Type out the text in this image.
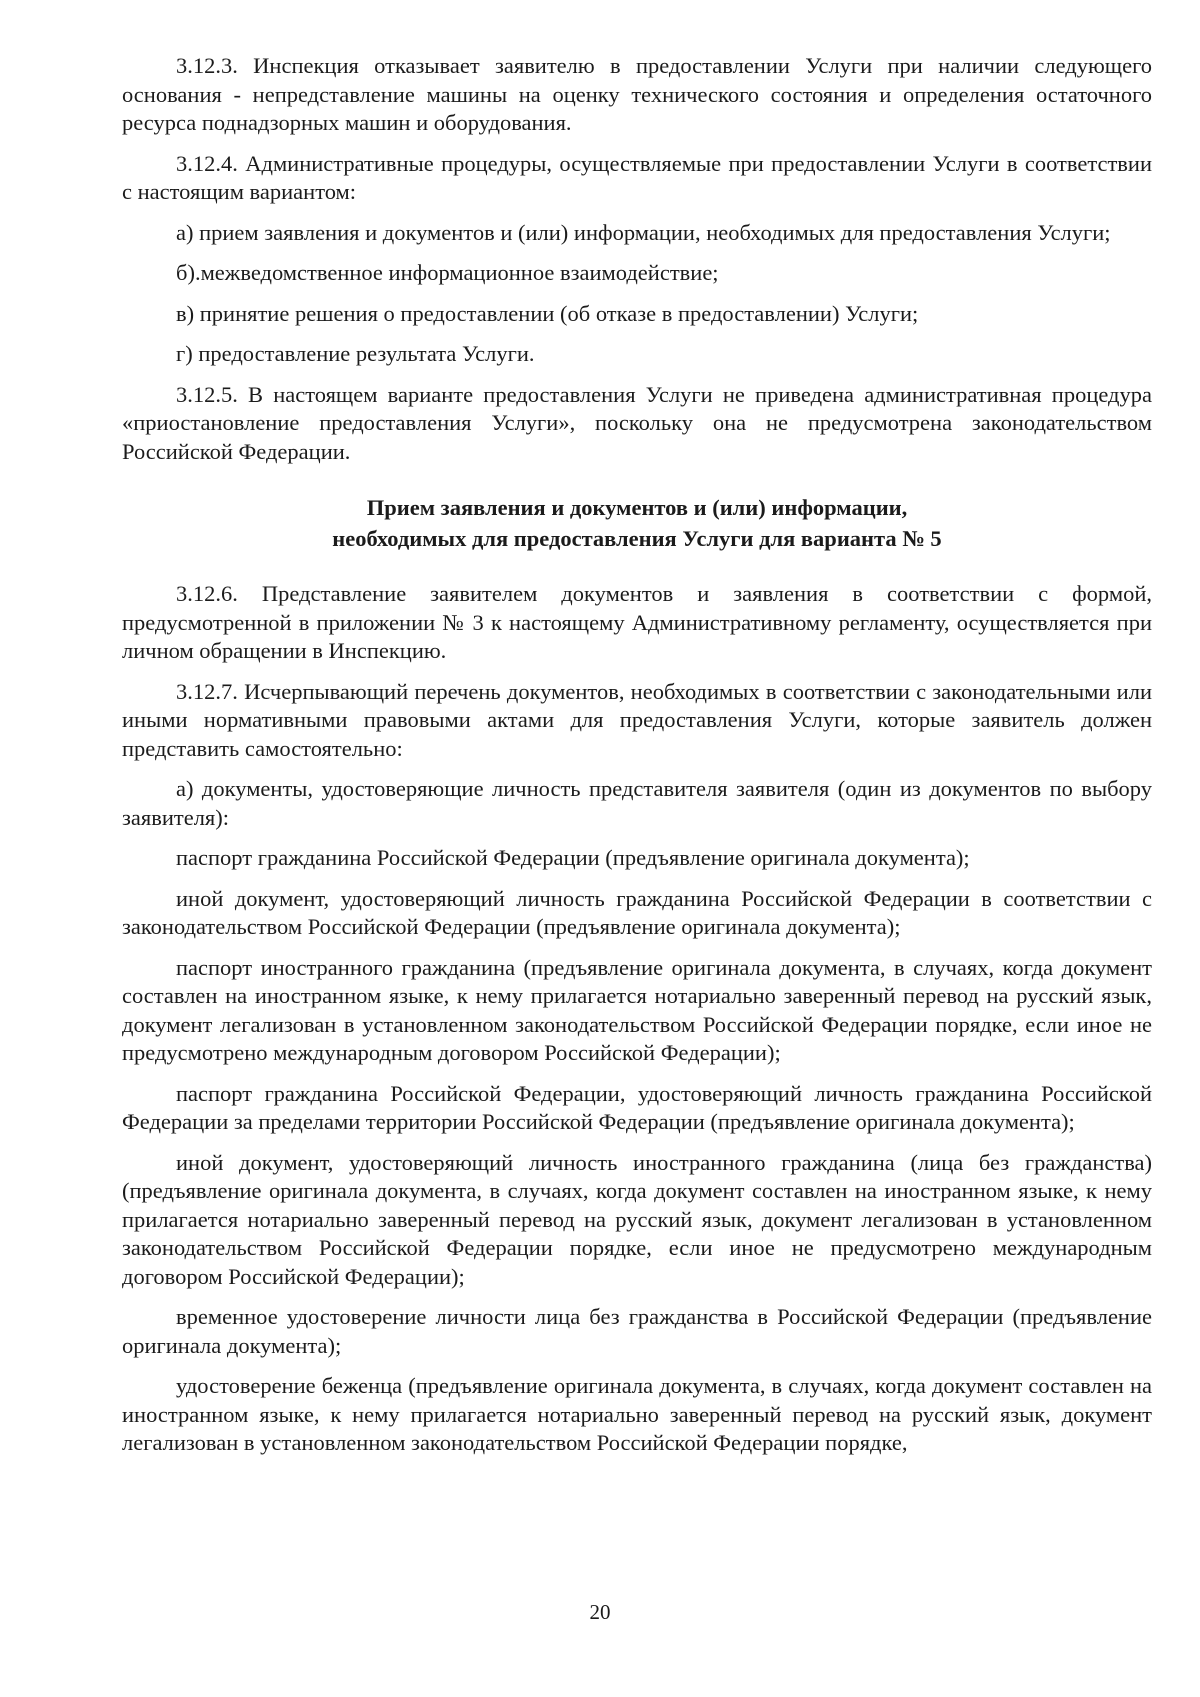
3.12.3. Инспекция отказывает заявителю в предоставлении Услуги при наличии следующего основания - непредставление машины на оценку технического состояния и определения остаточного ресурса поднадзорных машин и оборудования.

3.12.4. Административные процедуры, осуществляемые при предоставлении Услуги в соответствии с настоящим вариантом:

а) прием заявления и документов и (или) информации, необходимых для предоставления Услуги;

б).межведомственное информационное взаимодействие;

в) принятие решения о предоставлении (об отказе в предоставлении) Услуги;

г) предоставление результата Услуги.

3.12.5. В настоящем варианте предоставления Услуги не приведена административная процедура «приостановление предоставления Услуги», поскольку она не предусмотрена законодательством Российской Федерации.

Прием заявления и документов и (или) информации,
необходимых для предоставления Услуги для варианта № 5

3.12.6. Представление заявителем документов и заявления в соответствии с формой, предусмотренной в приложении № 3 к настоящему Административному регламенту, осуществляется при личном обращении в Инспекцию.

3.12.7. Исчерпывающий перечень документов, необходимых в соответствии с законодательными или иными нормативными правовыми актами для предоставления Услуги, которые заявитель должен представить самостоятельно:

а) документы, удостоверяющие личность представителя заявителя (один из документов по выбору заявителя):

паспорт гражданина Российской Федерации (предъявление оригинала документа);

иной документ, удостоверяющий личность гражданина Российской Федерации в соответствии с законодательством Российской Федерации (предъявление оригинала документа);

паспорт иностранного гражданина (предъявление оригинала документа, в случаях, когда документ составлен на иностранном языке, к нему прилагается нотариально заверенный перевод на русский язык, документ легализован в установленном законодательством Российской Федерации порядке, если иное не предусмотрено международным договором Российской Федерации);

паспорт гражданина Российской Федерации, удостоверяющий личность гражданина Российской Федерации за пределами территории Российской Федерации (предъявление оригинала документа);

иной документ, удостоверяющий личность иностранного гражданина (лица без гражданства) (предъявление оригинала документа, в случаях, когда документ составлен на иностранном языке, к нему прилагается нотариально заверенный перевод на русский язык, документ легализован в установленном законодательством Российской Федерации порядке, если иное не предусмотрено международным договором Российской Федерации);

временное удостоверение личности лица без гражданства в Российской Федерации (предъявление оригинала документа);

удостоверение беженца (предъявление оригинала документа, в случаях, когда документ составлен на иностранном языке, к нему прилагается нотариально заверенный перевод на русский язык, документ легализован в установленном законодательством Российской Федерации порядке,

20
